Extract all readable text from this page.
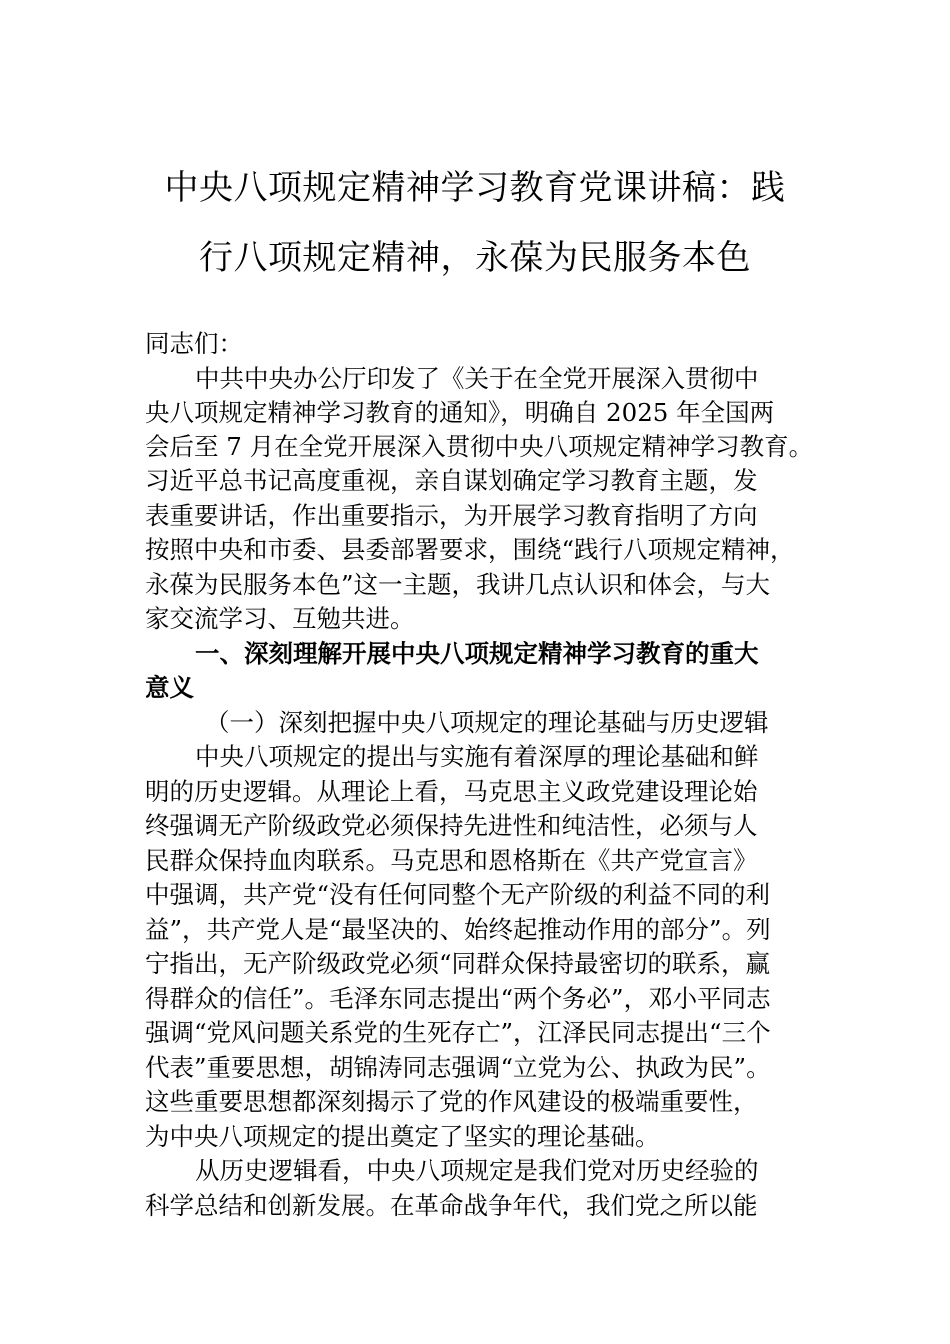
中央八项规定精神学习教育党课讲稿：践
行八项规定精神，永葆为民服务本色
同志们：
中共中央办公厅印发了《关于在全党开展深入贯彻中
央八项规定精神学习教育的通知》，明确自 2025 年全国两
会后至 7 月在全党开展深入贯彻中央八项规定精神学习教育。
习近平总书记高度重视，亲自谋划确定学习教育主题，发
表重要讲话，作出重要指示，为开展学习教育指明了方向
按照中央和市委、县委部署要求，围绕“践行八项规定精神，
永葆为民服务本色”这一主题，我讲几点认识和体会，与大
家交流学习、互勉共进。
一、深刻理解开展中央八项规定精神学习教育的重大
意义
（一）深刻把握中央八项规定的理论基础与历史逻辑
中央八项规定的提出与实施有着深厚的理论基础和鲜
明的历史逻辑。从理论上看，马克思主义政党建设理论始
终强调无产阶级政党必须保持先进性和纯洁性，必须与人
民群众保持血肉联系。马克思和恩格斯在《共产党宣言》
中强调，共产党“没有任何同整个无产阶级的利益不同的利
益”，共产党人是“最坚决的、始终起推动作用的部分”。列
宁指出，无产阶级政党必须“同群众保持最密切的联系，赢
得群众的信任”。毛泽东同志提出“两个务必”，邓小平同志
强调“党风问题关系党的生死存亡”，江泽民同志提出“三个
代表”重要思想，胡锦涛同志强调“立党为公、执政为民”。
这些重要思想都深刻揭示了党的作风建设的极端重要性，
为中央八项规定的提出奠定了坚实的理论基础。
从历史逻辑看，中央八项规定是我们党对历史经验的
科学总结和创新发展。在革命战争年代，我们党之所以能
